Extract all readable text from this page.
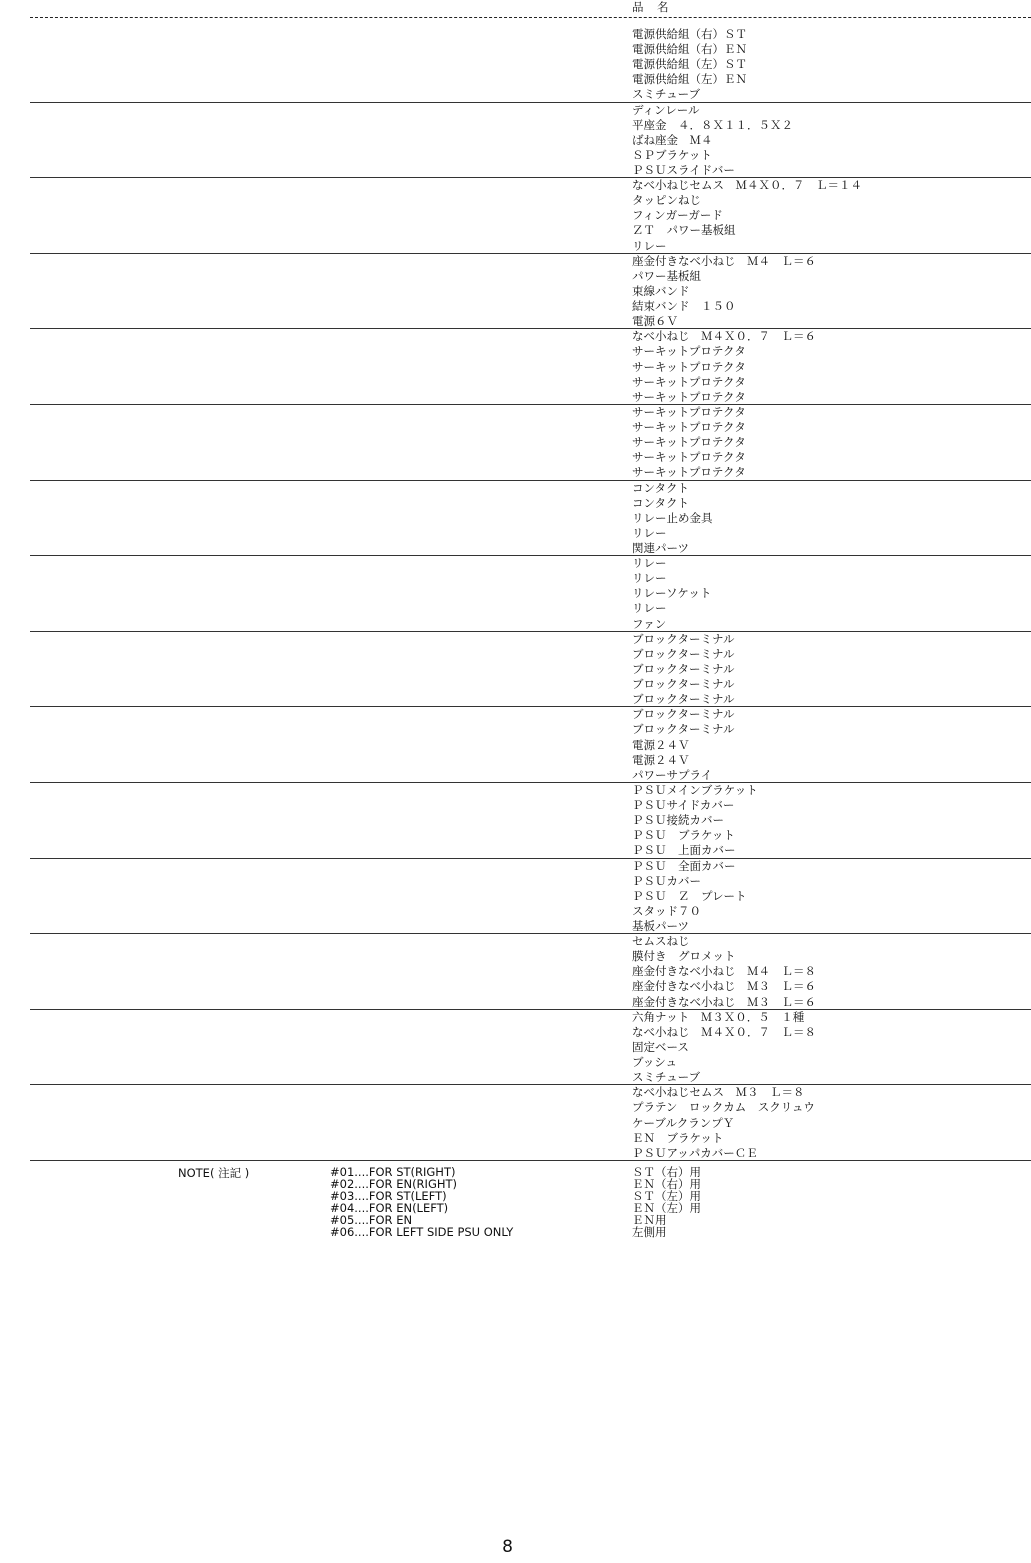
品　名
電源供給組（右）ＳＴ
電源供給組（右）ＥＮ
電源供給組（左）ＳＴ
電源供給組（左）ＥＮ
スミチューブ
ディンレール
平座金　４．８Ｘ１１．５Ｘ２
ばね座金　Ｍ４
ＳＰブラケット
ＰＳＵスライドバー
なべ小ねじセムス　Ｍ４Ｘ０．７　Ｌ＝１４
タッピンねじ
フィンガーガード
ＺＴ　パワー基板組
リレー
座金付きなべ小ねじ　Ｍ４　Ｌ＝６
パワー基板組
束線バンド
結束バンド　１５０
電源６Ｖ
なべ小ねじ　Ｍ４Ｘ０．７　Ｌ＝６
サーキットプロテクタ
サーキットプロテクタ
サーキットプロテクタ
サーキットプロテクタ
サーキットプロテクタ
サーキットプロテクタ
サーキットプロテクタ
サーキットプロテクタ
サーキットプロテクタ
コンタクト
コンタクト
リレー止め金具
リレー
関連パーツ
リレー
リレー
リレーソケット
リレー
ファン
ブロックターミナル
ブロックターミナル
ブロックターミナル
ブロックターミナル
ブロックターミナル
ブロックターミナル
ブロックターミナル
電源２４Ｖ
電源２４Ｖ
パワーサプライ
ＰＳＵメインブラケット
ＰＳＵサイドカバー
ＰＳＵ接続カバー
ＰＳＵ　ブラケット
ＰＳＵ　上面カバー
ＰＳＵ　全面カバー
ＰＳＵカバー
ＰＳＵ　Ｚ　プレート
スタッド７０
基板パーツ
セムスねじ
膜付き　グロメット
座金付きなべ小ねじ　Ｍ４　Ｌ＝８
座金付きなべ小ねじ　Ｍ３　Ｌ＝６
座金付きなべ小ねじ　Ｍ３　Ｌ＝６
六角ナット　Ｍ３Ｘ０．５　１種
なべ小ねじ　Ｍ４Ｘ０．７　Ｌ＝８
固定ベース
ブッシュ
スミチューブ
なべ小ねじセムス　Ｍ３　Ｌ＝８
プラテン　ロックカム　スクリュウ
ケーブルクランプＹ
ＥＮ　ブラケット
ＰＳＵアッパカバーＣＥ
NOTE( 注記 )	#01....FOR ST(RIGHT)	ＳＴ（右）用
#02....FOR EN(RIGHT)	ＥＮ（右）用
#03....FOR ST(LEFT)	ＳＴ（左）用
#04....FOR EN(LEFT)	ＥＮ（左）用
#05....FOR EN	ＥＮ用
#06....FOR LEFT SIDE PSU ONLY	左側用
8
